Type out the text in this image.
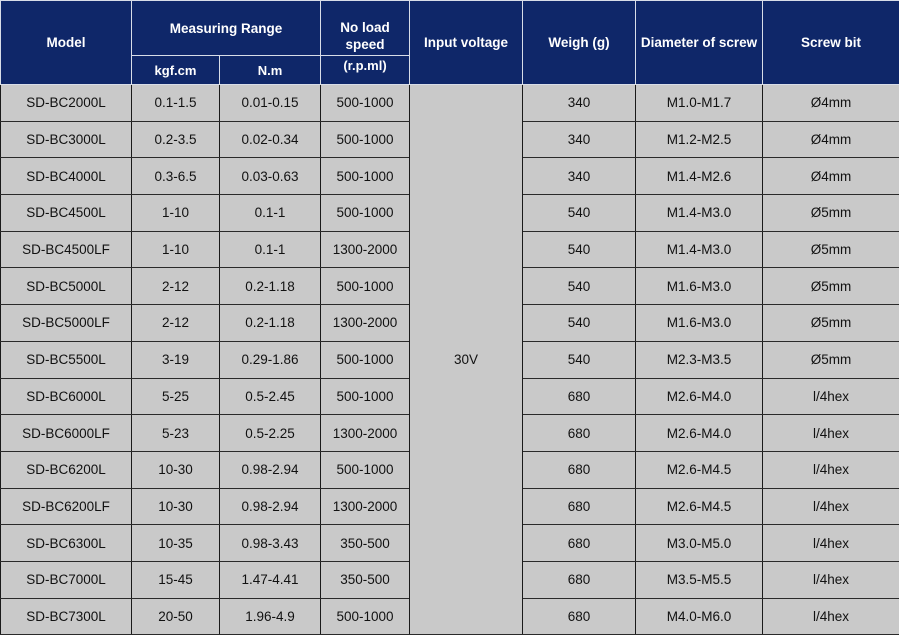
Model	Measuring Range		No load speed	Input voltage	Weigh (g)	Diameter of screw	Screw bit
	kgf.cm	N.m	(r.p.ml)				
SD-BC2000L	0.1-1.5	0.01-0.15	500-1000	30V	340	M1.0-M1.7	Ø4mm
SD-BC3000L	0.2-3.5	0.02-0.34	500-1000		340	M1.2-M2.5	Ø4mm
SD-BC4000L	0.3-6.5	0.03-0.63	500-1000		340	M1.4-M2.6	Ø4mm
SD-BC4500L	1-10	0.1-1	500-1000		540	M1.4-M3.0	Ø5mm
SD-BC4500LF	1-10	0.1-1	1300-2000		540	M1.4-M3.0	Ø5mm
SD-BC5000L	2-12	0.2-1.18	500-1000		540	M1.6-M3.0	Ø5mm
SD-BC5000LF	2-12	0.2-1.18	1300-2000		540	M1.6-M3.0	Ø5mm
SD-BC5500L	3-19	0.29-1.86	500-1000		540	M2.3-M3.5	Ø5mm
SD-BC6000L	5-25	0.5-2.45	500-1000		680	M2.6-M4.0	l/4hex
SD-BC6000LF	5-23	0.5-2.25	1300-2000		680	M2.6-M4.0	l/4hex
SD-BC6200L	10-30	0.98-2.94	500-1000		680	M2.6-M4.5	l/4hex
SD-BC6200LF	10-30	0.98-2.94	1300-2000		680	M2.6-M4.5	l/4hex
SD-BC6300L	10-35	0.98-3.43	350-500		680	M3.0-M5.0	l/4hex
SD-BC7000L	15-45	1.47-4.41	350-500		680	M3.5-M5.5	l/4hex
SD-BC7300L	20-50	1.96-4.9	500-1000		680	M4.0-M6.0	l/4hex
